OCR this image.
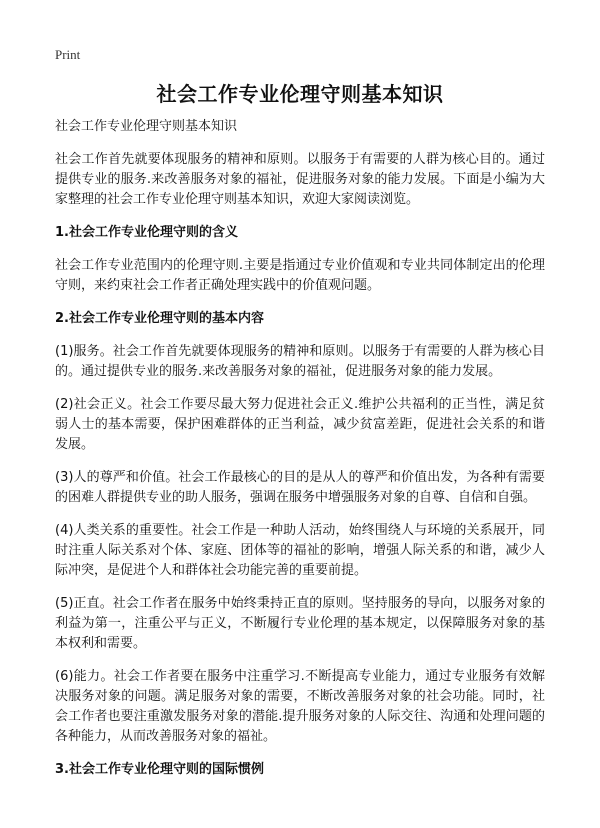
Print
社会工作专业伦理守则基本知识
社会工作专业伦理守则基本知识

社会工作首先就要体现服务的精神和原则。以服务于有需要的人群为核心目的。通过提供专业的服务.来改善服务对象的福祉，促进服务对象的能力发展。下面是小编为大家整理的社会工作专业伦理守则基本知识，欢迎大家阅读浏览。

1.社会工作专业伦理守则的含义

社会工作专业范围内的伦理守则.主要是指通过专业价值观和专业共同体制定出的伦理守则，来约束社会工作者正确处理实践中的价值观问题。

2.社会工作专业伦理守则的基本内容

(1)服务。社会工作首先就要体现服务的精神和原则。以服务于有需要的人群为核心目的。通过提供专业的服务.来改善服务对象的福祉，促进服务对象的能力发展。

(2)社会正义。社会工作要尽最大努力促进社会正义.维护公共福利的正当性，满足贫弱人士的基本需要，保护困难群体的正当利益，减少贫富差距，促进社会关系的和谐发展。

(3)人的尊严和价值。社会工作最核心的目的是从人的尊严和价值出发，为各种有需要的困难人群提供专业的助人服务，强调在服务中增强服务对象的自尊、自信和自强。

(4)人类关系的重要性。社会工作是一种助人活动，始终围绕人与环境的关系展开，同时注重人际关系对个体、家庭、团体等的福祉的影响，增强人际关系的和谐，减少人际冲突，是促进个人和群体社会功能完善的重要前提。

(5)正直。社会工作者在服务中始终秉持正直的原则。坚持服务的导向，以服务对象的利益为第一，注重公平与正义，不断履行专业伦理的基本规定，以保障服务对象的基本权利和需要。

(6)能力。社会工作者要在服务中注重学习.不断提高专业能力，通过专业服务有效解决服务对象的问题。满足服务对象的需要，不断改善服务对象的社会功能。同时，社会工作者也要注重激发服务对象的潜能.提升服务对象的人际交往、沟通和处理问题的各种能力，从而改善服务对象的福祉。

3.社会工作专业伦理守则的国际惯例
